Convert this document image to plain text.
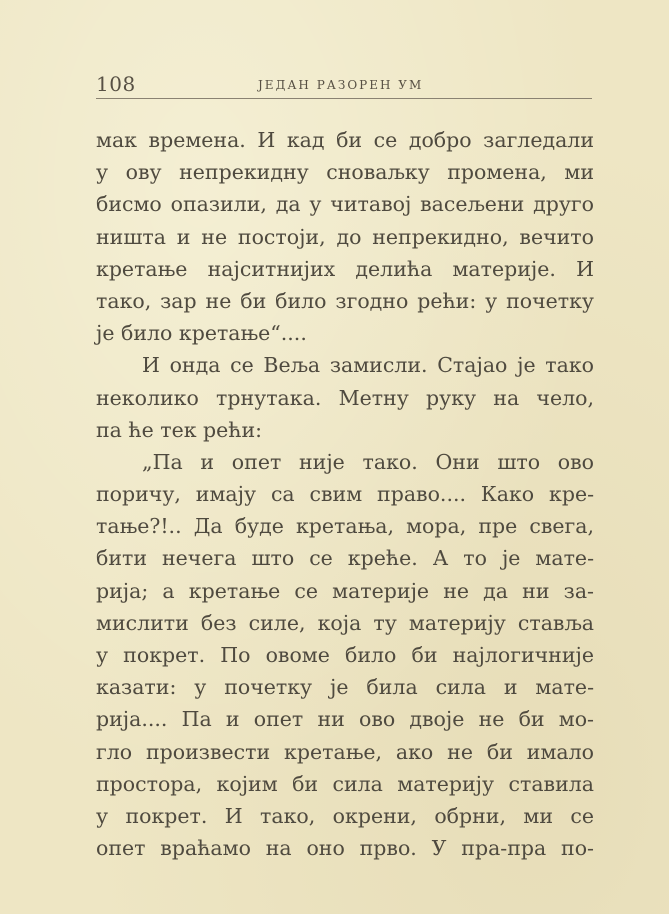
108	ЈЕДАН РАЗОРЕН УМ
мак времена. И кад би се добро загледали
у ову непрекидну сноваљку промена, ми
бисмо опазили, да у читавој васељени друго
ништа и не постоји, до непрекидно, вечито
кретање најситнијих делића материје. И
тако, зар не би било згодно рећи: у почетку
је било кретање“....
И онда се Веља замисли. Стајао је тако
неколико трнутака. Метну руку на чело,
па ће тек рећи:
„Па и опет није тако. Они што ово
поричу, имају са свим право.... Како кре-
тање?!.. Да буде кретања, мора, пре свега,
бити нечега што се креће. А то је мате-
рија; а кретање се материје не да ни за-
мислити без силе, која ту материју ставља
у покрет. По овоме било би најлогичније
казати: у почетку је била сила и мате-
рија.... Па и опет ни ово двоје не би мо-
гло произвести кретање, ако не би имало
простора, којим би сила материју ставила
у покрет. И тако, окрени, обрни, ми се
опет враћамо на оно прво. У пра-пра по-
